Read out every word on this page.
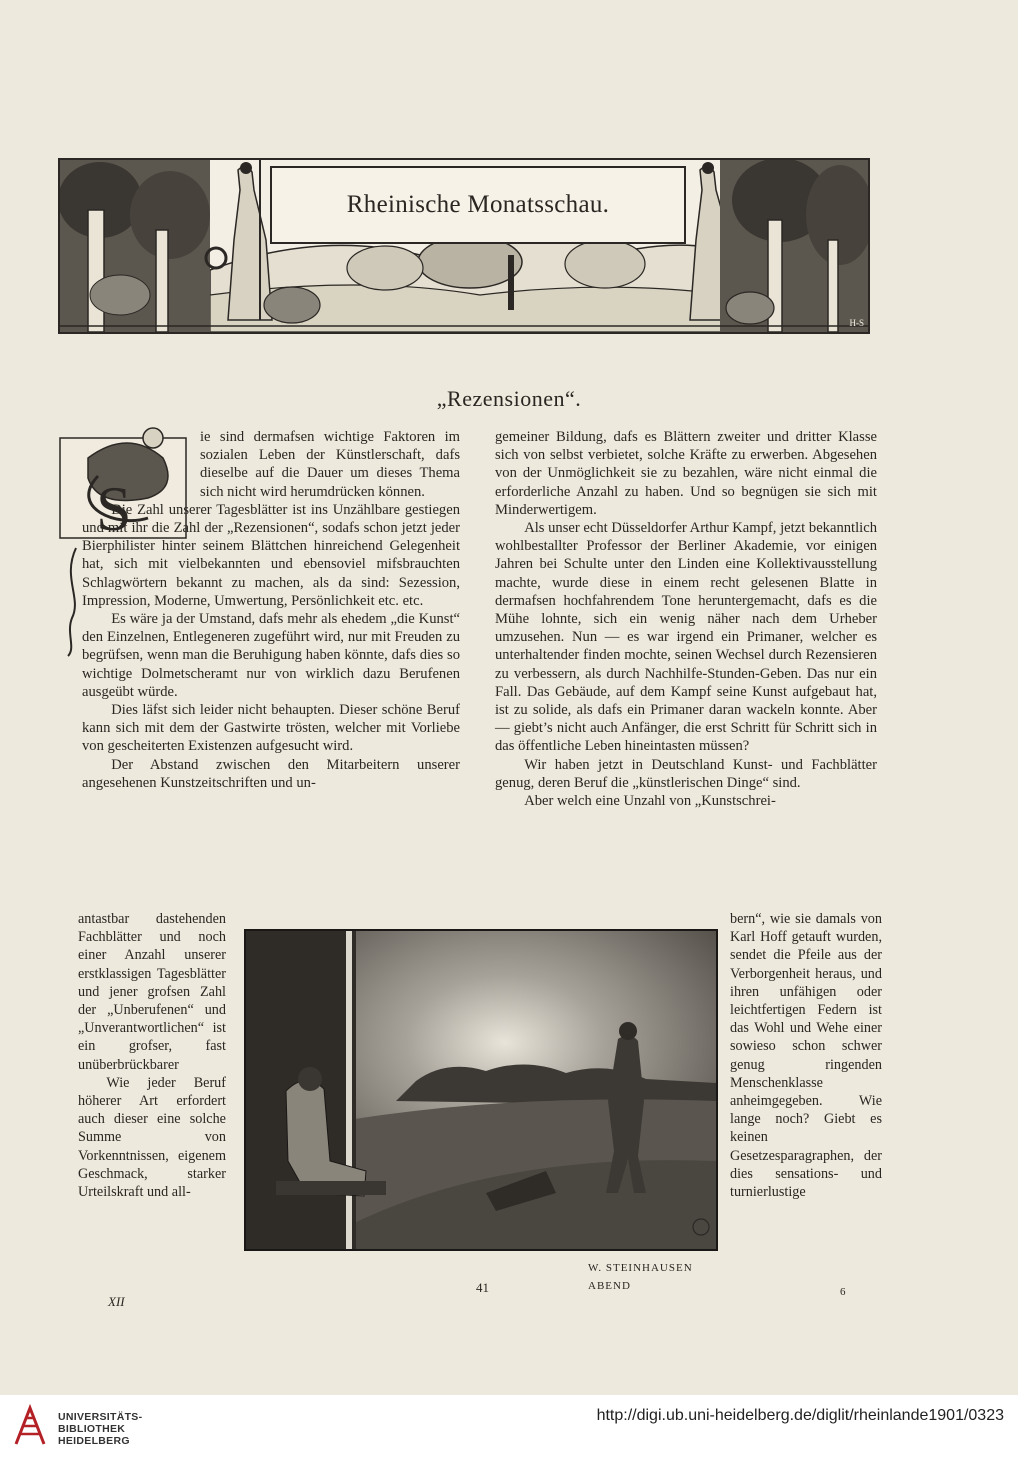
Rheinische Monatsschau.
H-S
„Rezensionen“.
S

ie sind dermafsen wichtige Faktoren im sozialen Leben der Künstlerschaft, dafs dieselbe auf die Dauer um dieses Thema sich nicht wird herumdrücken können.

Die Zahl unserer Tagesblätter ist ins Unzählbare gestiegen und mit ihr die Zahl der „Rezensionen“, sodafs schon jetzt jeder Bierphilister hinter seinem Blättchen hinreichend Gelegenheit hat, sich mit vielbekannten und ebensoviel mifsbrauchten Schlagwörtern bekannt zu machen, als da sind: Sezession, Impression, Moderne, Umwertung, Persönlichkeit etc. etc.

Es wäre ja der Umstand, dafs mehr als ehedem „die Kunst“ den Einzelnen, Entlegeneren zugeführt wird, nur mit Freuden zu begrüfsen, wenn man die Beruhigung haben könnte, dafs dies so wichtige Dolmetscheramt nur von wirklich dazu Berufenen ausgeübt würde.

Dies läfst sich leider nicht behaupten. Dieser schöne Beruf kann sich mit dem der Gastwirte trösten, welcher mit Vorliebe von gescheiterten Existenzen aufgesucht wird.

Der Abstand zwischen den Mitarbeitern unserer angesehenen Kunstzeitschriften und un-

antastbar dastehenden Fachblätter und noch einer Anzahl unserer erstklassigen Tagesblätter und jener grofsen Zahl der „Unberufenen“ und „Unverantwortlichen“ ist ein grofser, fast unüberbrückbarer

Wie jeder Beruf höherer Art erfordert auch dieser eine solche Summe von Vorkenntnissen, eigenem Geschmack, starker Urteilskraft und all-

gemeiner Bildung, dafs es Blättern zweiter und dritter Klasse sich von selbst verbietet, solche Kräfte zu erwerben. Abgesehen von der Unmöglichkeit sie zu bezahlen, wäre nicht einmal die erforderliche Anzahl zu haben. Und so begnügen sie sich mit Minderwertigem.

Als unser echt Düsseldorfer Arthur Kampf, jetzt bekanntlich wohlbestallter Professor der Berliner Akademie, vor einigen Jahren bei Schulte unter den Linden eine Kollektivausstellung machte, wurde diese in einem recht gelesenen Blatte in dermafsen hochfahrendem Tone heruntergemacht, dafs es die Mühe lohnte, sich ein wenig näher nach dem Urheber umzusehen. Nun — es war irgend ein Primaner, welcher es unterhaltender finden mochte, seinen Wechsel durch Rezensieren zu verbessern, als durch Nachhilfe-Stunden-Geben. Das nur ein Fall. Das Gebäude, auf dem Kampf seine Kunst aufgebaut hat, ist zu solide, als dafs ein Primaner daran wackeln konnte. Aber — giebt’s nicht auch Anfänger, die erst Schritt für Schritt sich in das öffentliche Leben hineintasten müssen?

Wir haben jetzt in Deutschland Kunst- und Fachblätter genug, deren Beruf die „künstlerischen Dinge“ sind.

Aber welch eine Unzahl von „Kunstschrei-

bern“, wie sie damals von Karl Hoff getauft wurden, sendet die Pfeile aus der Verborgenheit heraus, und ihren unfähigen oder leichtfertigen Federn ist das Wohl und Wehe einer sowieso schon schwer genug ringenden Menschenklasse anheimgegeben. Wie lange noch? Giebt es keinen Gesetzesparagraphen, der dies sensations- und turnierlustige

W. STEINHAUSEN
ABEND
XII
41	6
UNIVERSITÄTS-
BIBLIOTHEK
HEIDELBERG
http://digi.ub.uni-heidelberg.de/diglit/rheinlande1901/0323
